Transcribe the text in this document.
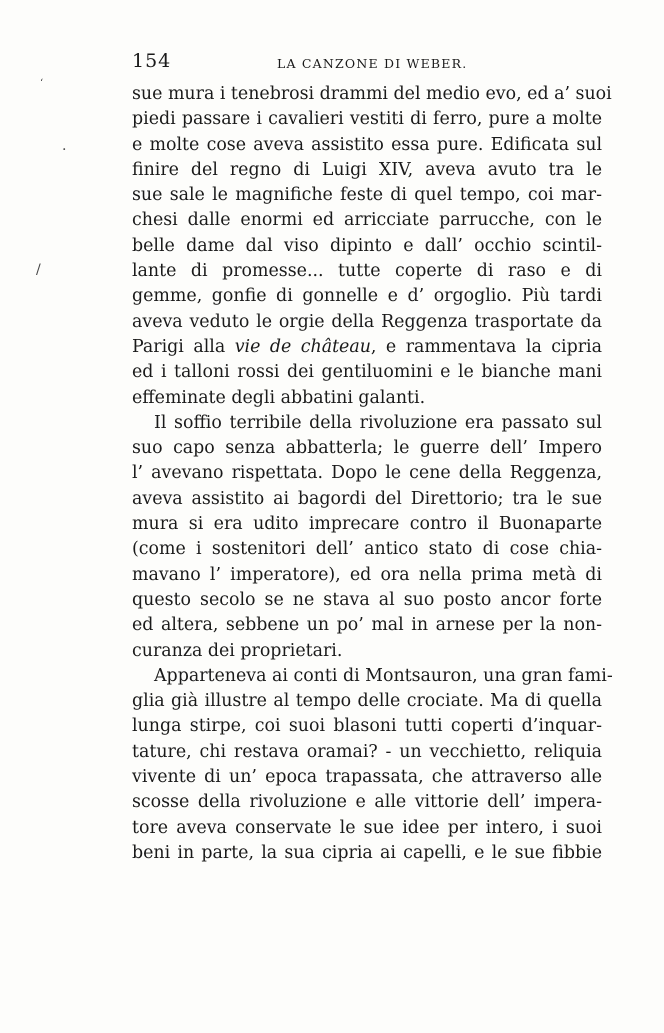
.
/
‘
154	LA CANZONE DI WEBER.
sue mura i tenebrosi drammi del medio evo, ed a’ suoi
piedi passare i cavalieri vestiti di ferro, pure a molte
e molte cose aveva assistito essa pure. Edificata sul
finire del regno di Luigi XIV, aveva avuto tra le
sue sale le magnifiche feste di quel tempo, coi mar-
chesi dalle enormi ed arricciate parrucche, con le
belle dame dal viso dipinto e dall’ occhio scintil-
lante di promesse... tutte coperte di raso e di
gemme, gonfie di gonnelle e d’ orgoglio. Più tardi
aveva veduto le orgie della Reggenza trasportate da
Parigi alla vie de château, e rammentava la cipria
ed i talloni rossi dei gentiluomini e le bianche mani
effeminate degli abbatini galanti.
Il soffio terribile della rivoluzione era passato sul
suo capo senza abbatterla; le guerre dell’ Impero
l’ avevano rispettata. Dopo le cene della Reggenza,
aveva assistito ai bagordi del Direttorio; tra le sue
mura si era udito imprecare contro il Buonaparte
(come i sostenitori dell’ antico stato di cose chia-
mavano l’ imperatore), ed ora nella prima metà di
questo secolo se ne stava al suo posto ancor forte
ed altera, sebbene un po’ mal in arnese per la non-
curanza dei proprietari.
Apparteneva ai conti di Montsauron, una gran fami-
glia già illustre al tempo delle crociate. Ma di quella
lunga stirpe, coi suoi blasoni tutti coperti d’inquar-
tature, chi restava oramai? - un vecchietto, reliquia
vivente di un’ epoca trapassata, che attraverso alle
scosse della rivoluzione e alle vittorie dell’ impera-
tore aveva conservate le sue idee per intero, i suoi
beni in parte, la sua cipria ai capelli, e le sue fibbie
